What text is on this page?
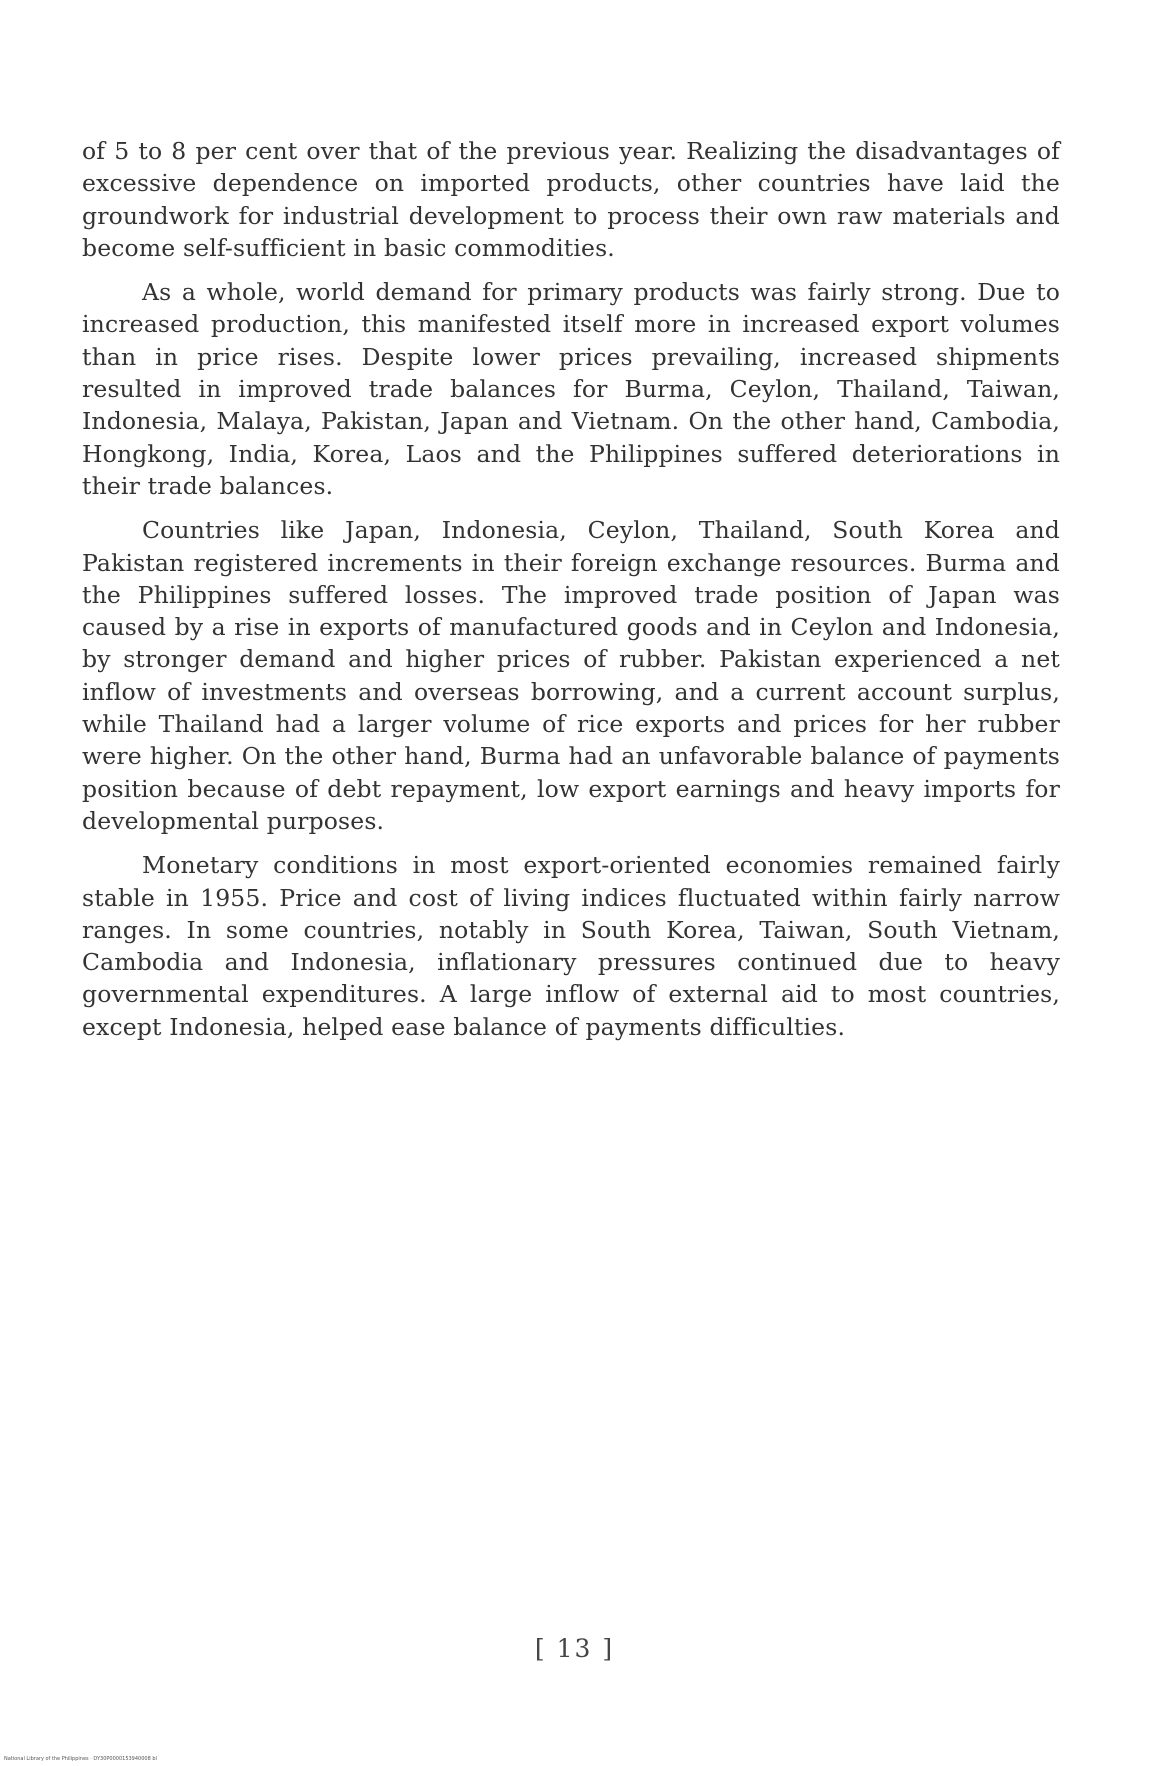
of 5 to 8 per cent over that of the previous year. Realizing the disadvantages of excessive dependence on imported products, other countries have laid the groundwork for industrial development to process their own raw materials and become self-sufficient in basic commodities.

As a whole, world demand for primary products was fairly strong. Due to increased production, this manifested itself more in increased export volumes than in price rises. Despite lower prices prevailing, increased shipments resulted in improved trade balances for Burma, Ceylon, Thailand, Taiwan, Indonesia, Malaya, Pakistan, Japan and Vietnam. On the other hand, Cambodia, Hongkong, India, Korea, Laos and the Philippines suffered deteriorations in their trade balances.

Countries like Japan, Indonesia, Ceylon, Thailand, South Korea and Pakistan registered increments in their foreign exchange resources. Burma and the Philippines suffered losses. The improved trade position of Japan was caused by a rise in exports of manufactured goods and in Ceylon and Indonesia, by stronger demand and higher prices of rubber. Pakistan experienced a net inflow of investments and overseas borrowing, and a current account surplus, while Thailand had a larger volume of rice exports and prices for her rubber were higher. On the other hand, Burma had an unfavorable balance of payments position because of debt repayment, low export earnings and heavy imports for developmental purposes.

Monetary conditions in most export-oriented economies remained fairly stable in 1955. Price and cost of living indices fluctuated within fairly narrow ranges. In some countries, notably in South Korea, Taiwan, South Vietnam, Cambodia and Indonesia, inflationary pressures continued due to heavy governmental expenditures. A large inflow of external aid to most countries, except Indonesia, helped ease balance of payments difficulties.

[ 13 ]
National Library of the Philippines · DY30P0000153940008 bl
